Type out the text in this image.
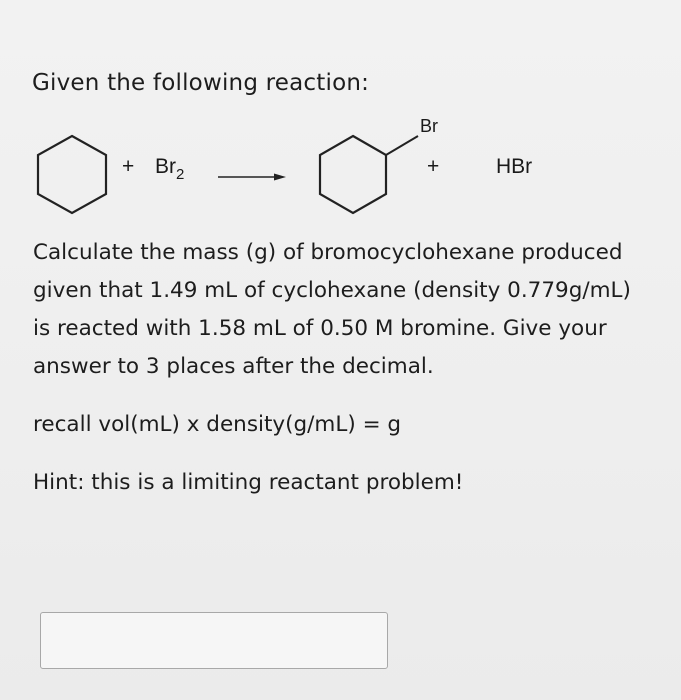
Given the following reaction:
+ $Br_2$
Br
+	HBr

Calculate the mass (g) of bromocyclohexane produced

given that 1.49 mL of cyclohexane (density 0.779g/mL)

is reacted with 1.58 mL of 0.50 M bromine. Give your

answer to 3 places after the decimal.

recall vol(mL) x density(g/mL) = g
Hint: this is a limiting reactant problem!
